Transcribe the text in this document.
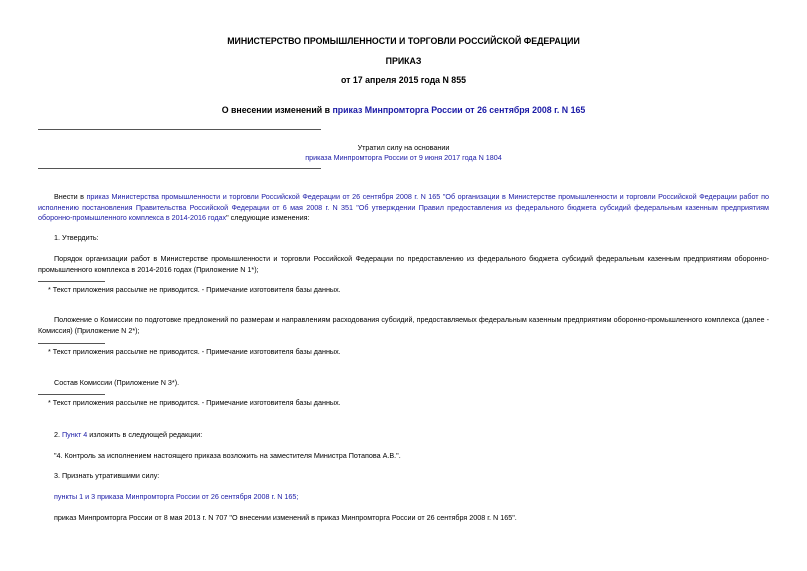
МИНИСТЕРСТВО ПРОМЫШЛЕННОСТИ И ТОРГОВЛИ РОССИЙСКОЙ ФЕДЕРАЦИИ
ПРИКАЗ
от 17 апреля 2015 года N 855
О внесении изменений в приказ Минпромторга России от 26 сентября 2008 г. N 165
Утратил силу на основании
приказа Минпромторга России от 9 июня 2017 года N 1804
Внести в приказ Министерства промышленности и торговли Российской Федерации от 26 сентября 2008 г. N 165 "Об организации в Министерстве промышленности и торговли Российской Федерации работ по исполнению постановления Правительства Российской Федерации от 6 мая 2008 г. N 351 "Об утверждении Правил предоставления из федерального бюджета субсидий федеральным казенным предприятиям оборонно-промышленного комплекса в 2014-2016 годах" следующие изменения:
1. Утвердить:
Порядок организации работ в Министерстве промышленности и торговли Российской Федерации по предоставлению из федерального бюджета субсидий федеральным казенным предприятиям оборонно-промышленного комплекса в 2014-2016 годах (Приложение N 1*);
* Текст приложения рассылке не приводится. - Примечание изготовителя базы данных.
Положение о Комиссии по подготовке предложений по размерам и направлениям расходования субсидий, предоставляемых федеральным казенным предприятиям оборонно-промышленного комплекса (далее - Комиссия) (Приложение N 2*);
* Текст приложения рассылке не приводится. - Примечание изготовителя базы данных.
Состав Комиссии (Приложение N 3*).
* Текст приложения рассылке не приводится. - Примечание изготовителя базы данных.
2. Пункт 4 изложить в следующей редакции:
"4. Контроль за исполнением настоящего приказа возложить на заместителя Министра Потапова А.В.".
3. Признать утратившими силу:
пункты 1 и 3 приказа Минпромторга России от 26 сентября 2008 г. N 165;
приказ Минпромторга России от 8 мая 2013 г. N 707 "О внесении изменений в приказ Минпромторга России от 26 сентября 2008 г. N 165".
